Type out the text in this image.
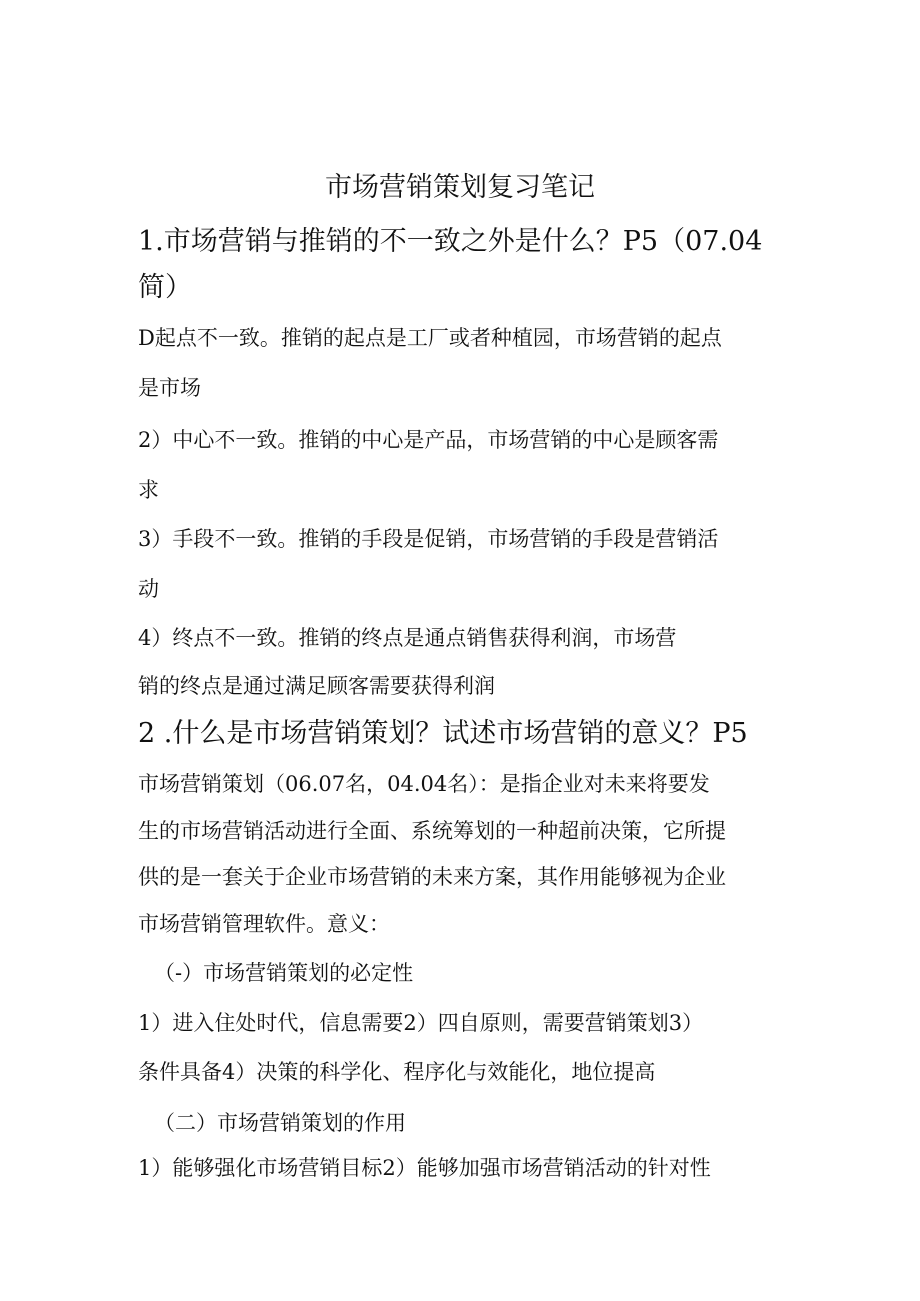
市场营销策划复习笔记
1.市场营销与推销的不一致之外是什么？P5（07.04
简）
D起点不一致。推销的起点是工厂或者种植园，市场营销的起点
是市场
2）中心不一致。推销的中心是产品，市场营销的中心是顾客需
求
3）手段不一致。推销的手段是促销，市场营销的手段是营销活
动
4）终点不一致。推销的终点是通点销售获得利润，市场营
销的终点是通过满足顾客需要获得利润
2 .什么是市场营销策划？试述市场营销的意义？P5
市场营销策划（06.07名，04.04名）：是指企业对未来将要发
生的市场营销活动进行全面、系统筹划的一种超前决策，它所提
供的是一套关于企业市场营销的未来方案，其作用能够视为企业
市场营销管理软件。意义：
（-）市场营销策划的必定性
1）进入住处时代，信息需要2）四自原则，需要营销策划3）
条件具备4）决策的科学化、程序化与效能化，地位提高
（二）市场营销策划的作用
1）能够强化市场营销目标2）能够加强市场营销活动的针对性
